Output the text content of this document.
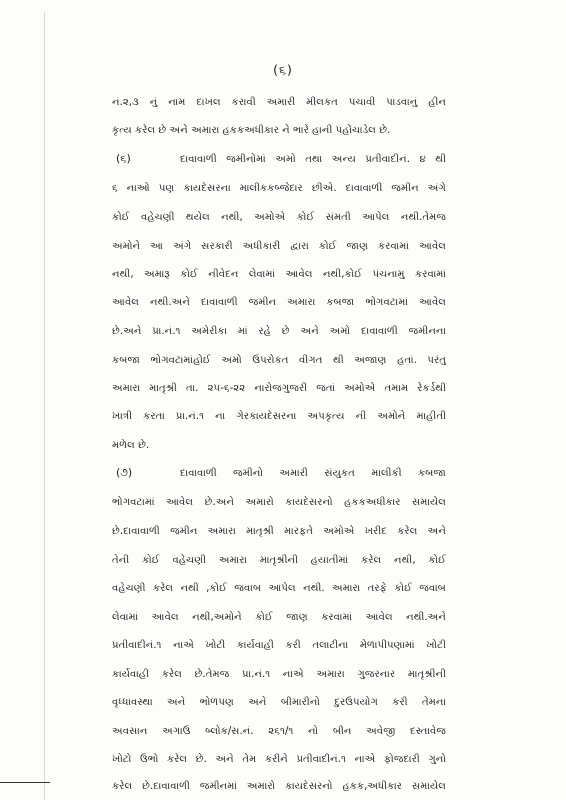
(૬)
નં.૨,૩ નું નામ દાખલ કરાવી અમારી મીલકત પચાવી પાડવાનું હીન
કૃત્ય કરેલ છે અને અમારા હકકઅધીકાર ને ભારે હાની પહોંચાડેલ છે.
(૬)	દાવાવાળી જમીનોમાં અમો તથા અન્ય પ્રતીવાદીનં. ૪ થી
૬ નાઓ પણ કાયદેસરના માલીકકબ્જેદાર છીએ. દાવાવાળી જમીન અંગે
કોઈ વહેચણી થયેલ નથી, અમોએ કોઈ સંમતી આપેલ નથી.તેમજ
અમોને આ અંગે સરકારી અધીકારી દ્વારા કોઈ જાણ કરવામાં આવેલ
નથી, અમારૂ કોઈ નીવેદન લેવામાં આવેલ નથી,કોઈ પંચનામુ કરવામાં
આવેલ નથી.અને દાવાવાળી જમીન અમારા કબજા ભોગવટામાં આવેલ
છે.અને પ્રા.નં.૧ અમેરીકા માં રહે છે અને અમો દાવાવાળી જમીનના
કબજા ભોગવટામાંહોઈ અમો ઉપરોકત વીગત થી અજાણ હતાં. પરંતુ
અમારા માતૃશ્રી તા. ૨૫-૬-૨૨ નારોજગુજરી જતાં અમોએ તમામ રેકર્ડથી
ખાત્રી કરતા પ્રા.નં.૧ ના ગેરકાયદેસરના અપકૃત્ય ની અમોને માહીતી
મળેલ છે.
(૭)	દાવાવાળી જમીનો અમારી સંયુકત માલીકી કબજા
ભોગવટામાં આવેલ છે.અને અમારો કાયદેસરનો હકકઅધીકાર સમાયેલ
છે.દાવાવાળી જમીન અમારા માતૃશ્રી મારફતે અમોએ ખરીદ કરેલ અને
તેની કોઈ વહેચણી અમારા માતૃશ્રીની હયાતીમાં કરેલ નથી, કોઈ
વહેચણી કરેલ નથી ,કોઈ જવાબ આપેલ નથી. અમારા તરફે કોઈ જવાબ
લેવામાં આવેલ નથી,અમોને કોઈ જાણ કરવામાં આવેલ નથી.અને
પ્રતીવાદીનં.૧ નાએ ખોટી કાર્યવાહી કરી તલાટીના મેળાપીપણામાં ખોટી
કાર્યવાહી કરેલ છે.તેમજ પ્રા.નં.૧ નાએ અમારા ગુજરનાર માતૃશ્રીની
વૃધ્ધાવસ્થા અને ભોળપણ અને બીમારીનો દુરઉપયોગ કરી તેમના
અવસાન અગાઉ બ્લોક/સ.નં. ૨૬૧/૧ નો બીન અવેજી દસ્તાવેજ
ખોટો ઉભો કરેલ છે. અને તેમ કરીને પ્રતીવાદીનં.૧ નાએ ફોજદારી ગુનો
કરેલ છે.દાવાવાળી જમીનમાં અમારો કાયદેસરનો હકક,અધીકાર સમાયેલ
